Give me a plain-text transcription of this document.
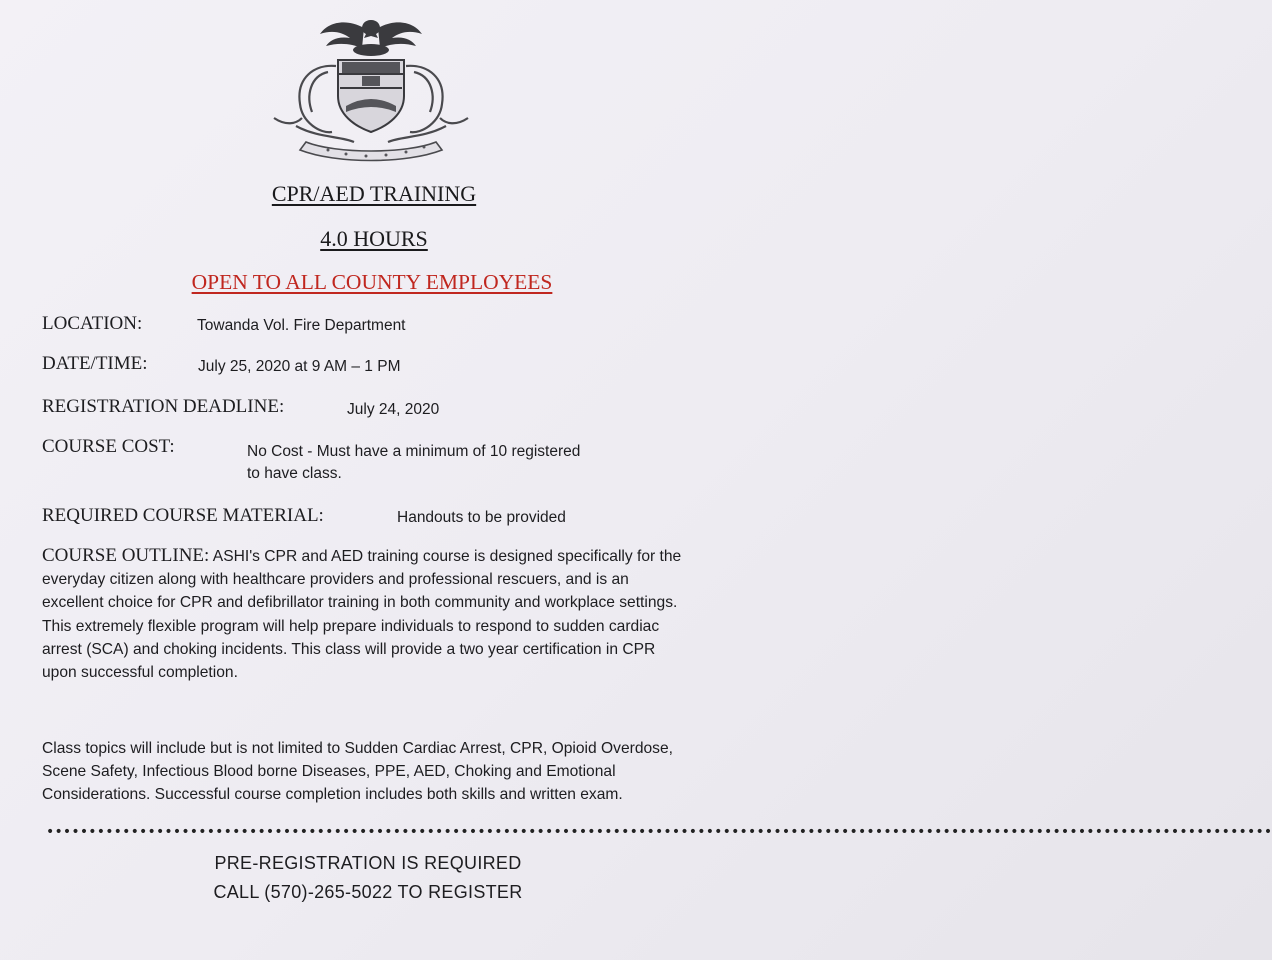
CPR/AED TRAINING
4.0 HOURS
OPEN TO ALL COUNTY EMPLOYEES
LOCATION:	Towanda Vol. Fire Department
DATE/TIME:	July 25, 2020 at 9 AM – 1 PM
REGISTRATION DEADLINE:	July 24, 2020
COURSE COST:	No Cost - Must have a minimum of 10 registered
to have class.
REQUIRED COURSE MATERIAL:	Handouts to be provided
COURSE OUTLINE: ASHI's CPR and AED training course is designed specifically for the everyday citizen along with healthcare providers and professional rescuers, and is an excellent choice for CPR and defibrillator training in both community and workplace settings. This extremely flexible program will help prepare individuals to respond to sudden cardiac arrest (SCA) and choking incidents. This class will provide a two year certification in CPR upon successful completion.
Class topics will include but is not limited to Sudden Cardiac Arrest, CPR, Opioid Overdose, Scene Safety, Infectious Blood borne Diseases, PPE, AED, Choking and Emotional Considerations. Successful course completion includes both skills and written exam.
•••••••••••••••••••••••••••••••••••••••••••••••••••••••••••••••••••••••••••••••••••••••••••••••••••••••••••••••••••••••••••••••••••••••••••••••••
PRE-REGISTRATION IS REQUIRED
CALL (570)-265-5022 TO REGISTER
